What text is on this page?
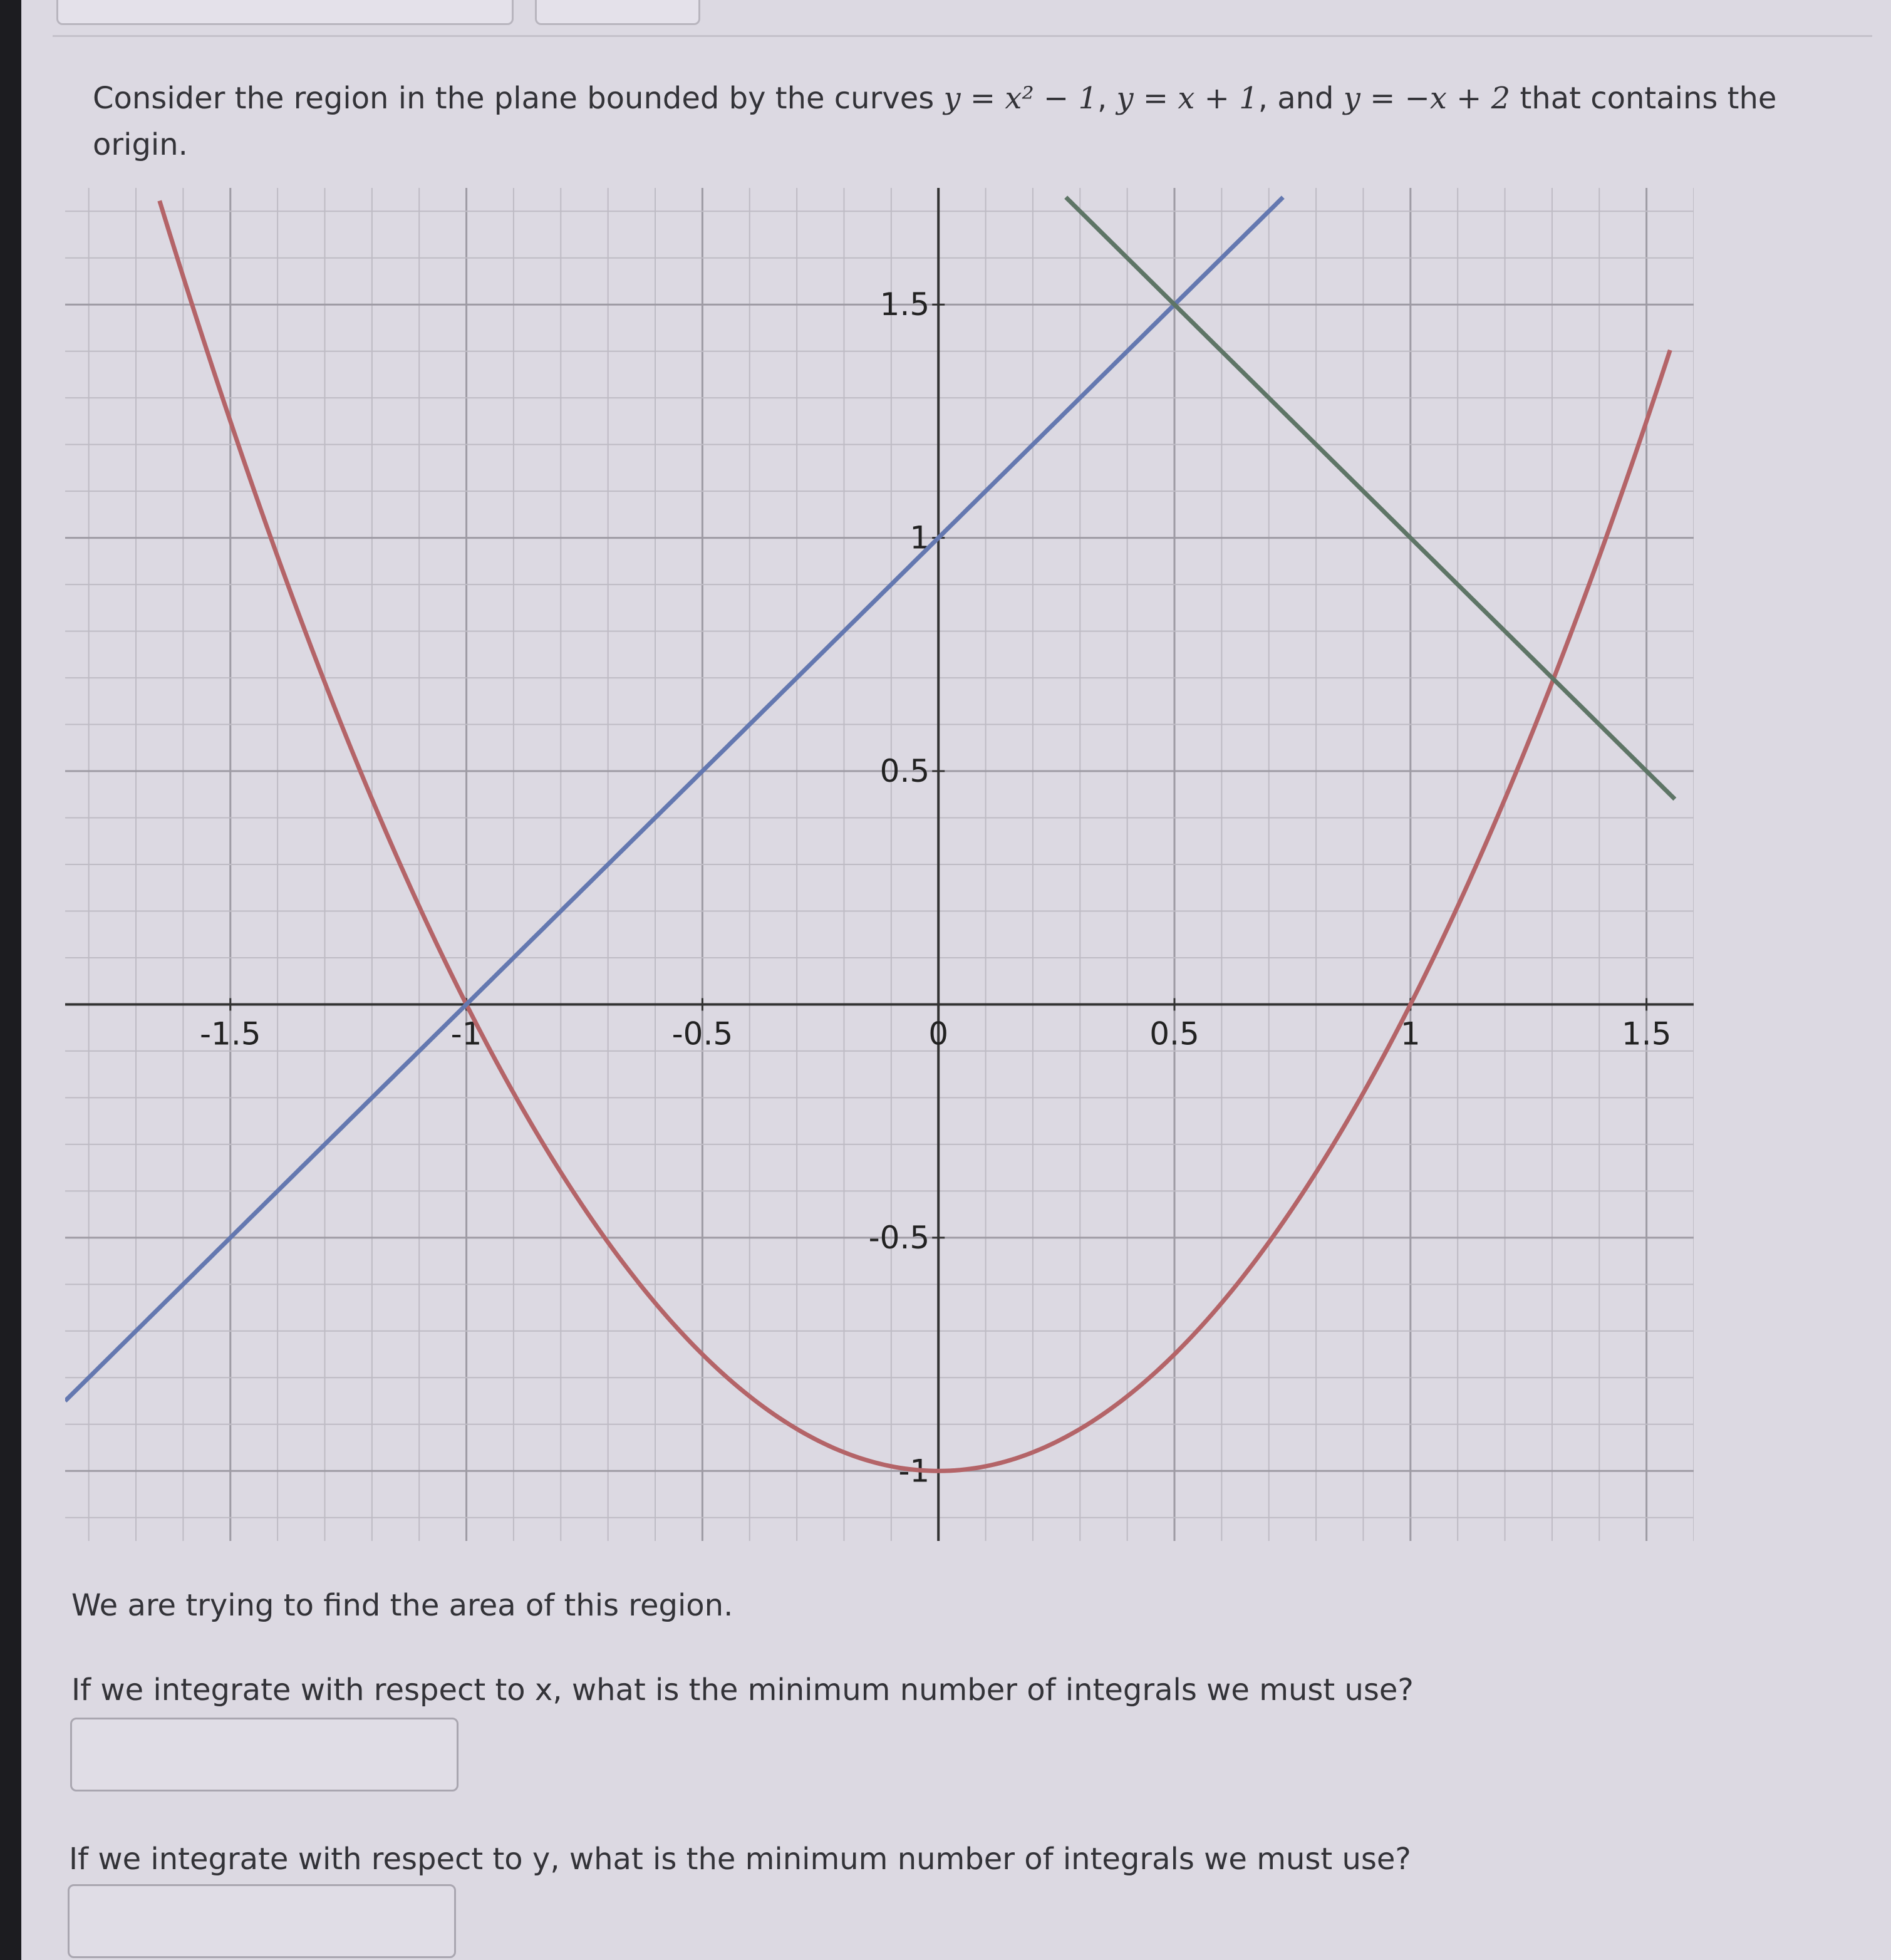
Consider the region in the plane bounded by the curves y = x² − 1, y = x + 1, and y = −x + 2 that contains the origin.
-1.5	-1	-0.5	0	0.5	1	1.5
1.5
1
0.5
-0.5
-1
We are trying to find the area of this region.
If we integrate with respect to x, what is the minimum number of integrals we must use?
If we integrate with respect to y, what is the minimum number of integrals we must use?
